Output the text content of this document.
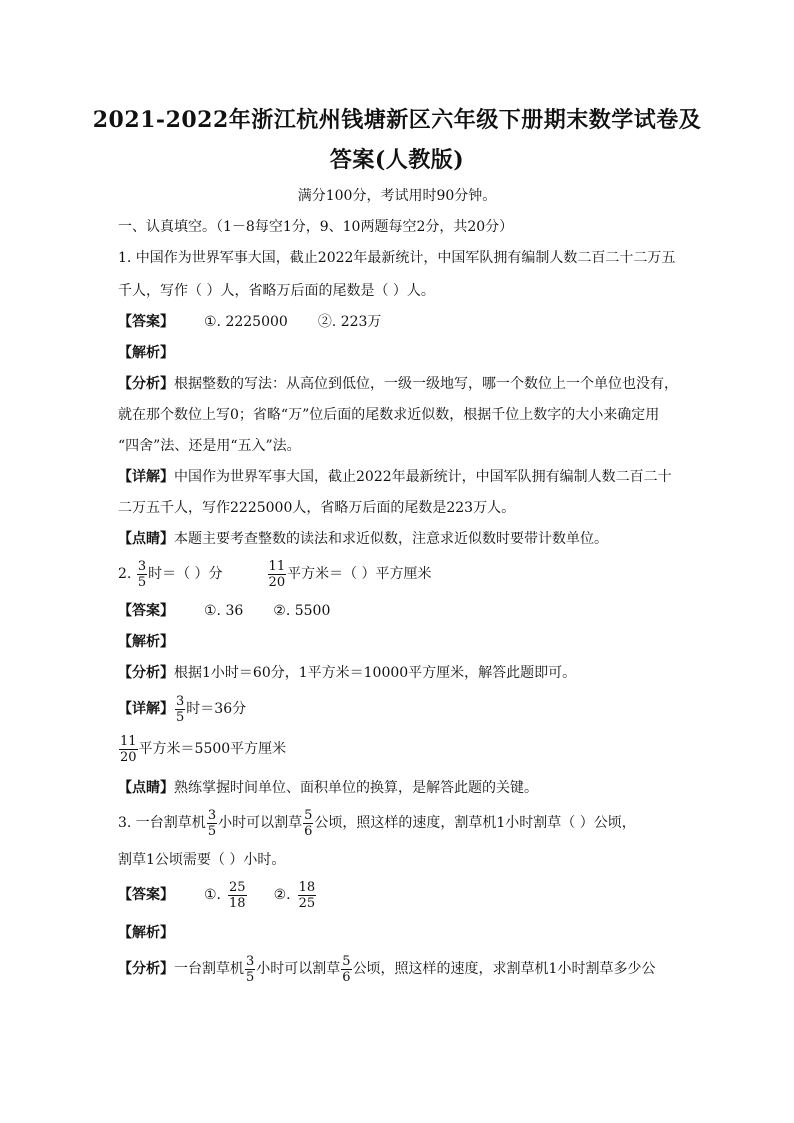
2021-2022年浙江杭州钱塘新区六年级下册期末数学试卷及
答案(人教版)
满分100分，考试用时90分钟。
一、认真填空。（1－8每空1分，9、10两题每空2分，共20分）
1. 中国作为世界军事大国，截止2022年最新统计，中国军队拥有编制人数二百二十二万五
千人，写作（ ）人，省略万后面的尾数是（ ）人。
【答案】 ①. 2225000 ②. 223万
【解析】
【分析】根据整数的写法：从高位到低位，一级一级地写，哪一个数位上一个单位也没有，
就在那个数位上写0；省略“万”位后面的尾数求近似数，根据千位上数字的大小来确定用
“四舍”法、还是用“五入”法。
【详解】中国作为世界军事大国，截止2022年最新统计，中国军队拥有编制人数二百二十
二万五千人，写作2225000人，省略万后面的尾数是223万人。
【点睛】本题主要考查整数的读法和求近似数，注意求近似数时要带计数单位。
2. $\frac{3}{5}$ 时＝（ ）分	$\frac{11}{20}$ 平方米＝（ ）平方厘米
【答案】 ①. 36 ②. 5500
【解析】
【分析】根据1小时＝60分，1平方米＝10000平方厘米，解答此题即可。
【详解】 $\frac{3}{5}$ 时＝36分
$\frac{11}{20}$ 平方米＝5500平方厘米
【点睛】熟练掌握时间单位、面积单位的换算，是解答此题的关键。
3. 一台割草机 $\frac{3}{5}$ 小时可以割草 $\frac{5}{6}$ 公顷，照这样的速度，割草机1小时割草（ ）公顷，
割草1公顷需要（ ）小时。
【答案】 ①. $\frac{25}{18}$ ②. $\frac{18}{25}$
【解析】
【分析】一台割草机 $\frac{3}{5}$ 小时可以割草 $\frac{5}{6}$ 公顷，照这样的速度，求割草机1小时割草多少公
